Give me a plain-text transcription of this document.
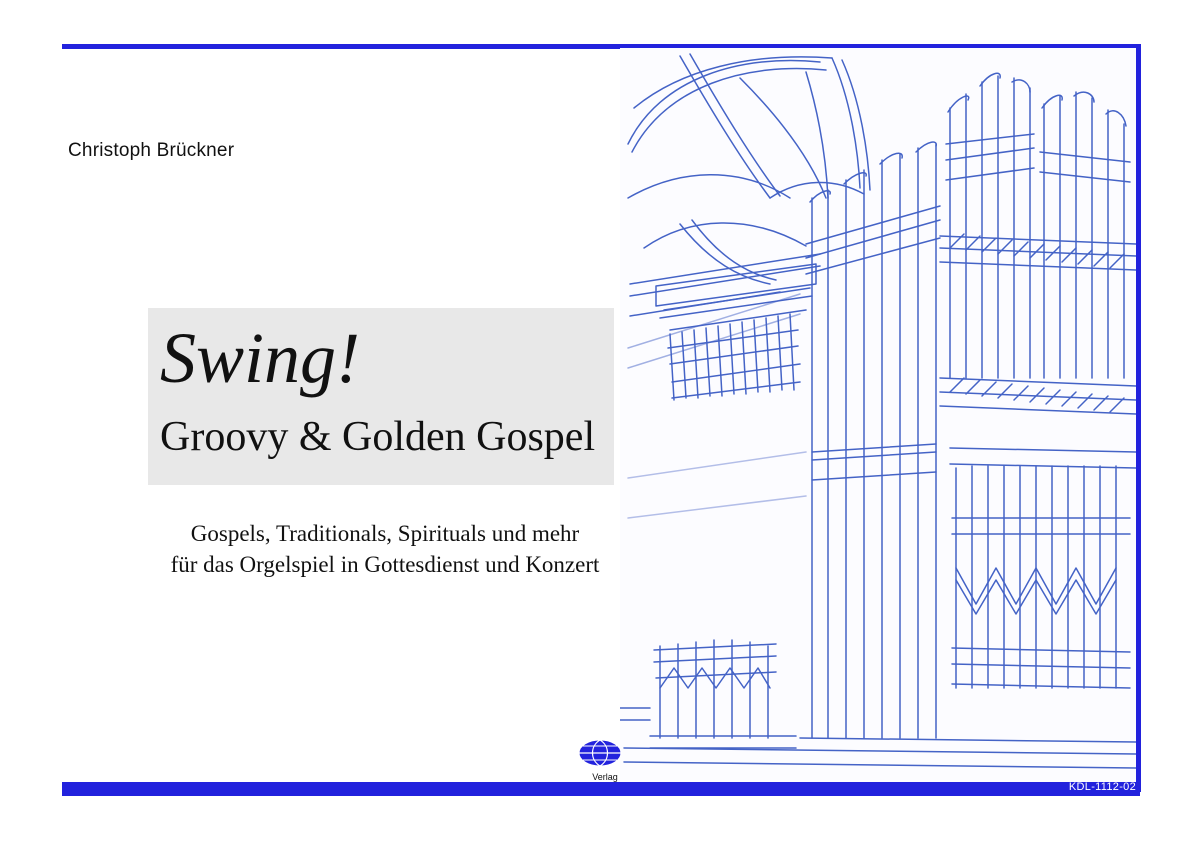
Christoph Brückner
Swing!
Groovy & Golden Gospel
Gospels, Traditionals, Spirituals und mehr
für das Orgelspiel in Gottesdienst und Konzert
Verlag
KDL-1112-02
